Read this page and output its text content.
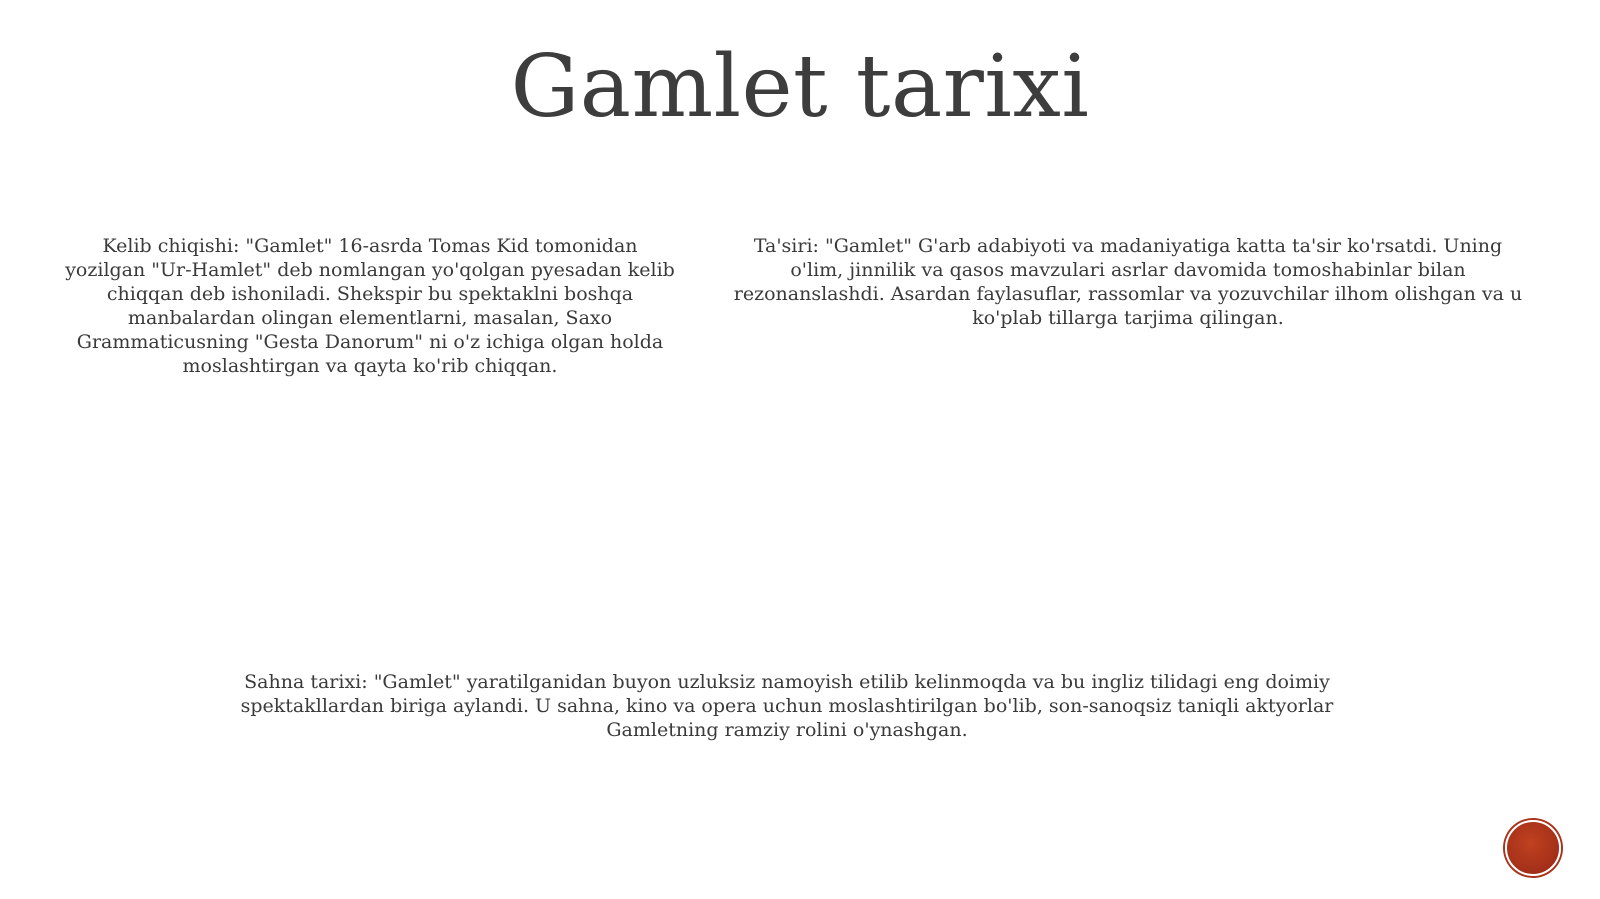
Gamlet tarixi

Kelib chiqishi: "Gamlet" 16-asrda Tomas Kid tomonidan yozilgan "Ur-Hamlet" deb nomlangan yo'qolgan pyesadan kelib chiqqan deb ishoniladi. Shekspir bu spektaklni boshqa manbalardan olingan elementlarni, masalan, Saxo Grammaticusning "Gesta Danorum" ni o'z ichiga olgan holda moslashtirgan va qayta ko'rib chiqqan.

Ta'siri: "Gamlet" G'arb adabiyoti va madaniyatiga katta ta'sir ko'rsatdi. Uning o'lim, jinnilik va qasos mavzulari asrlar davomida tomoshabinlar bilan rezonanslashdi. Asardan faylasuflar, rassomlar va yozuvchilar ilhom olishgan va u ko'plab tillarga tarjima qilingan.

Sahna tarixi: "Gamlet" yaratilganidan buyon uzluksiz namoyish etilib kelinmoqda va bu ingliz tilidagi eng doimiy spektakllardan biriga aylandi. U sahna, kino va opera uchun moslashtirilgan bo'lib, son-sanoqsiz taniqli aktyorlar Gamletning ramziy rolini o'ynashgan.
